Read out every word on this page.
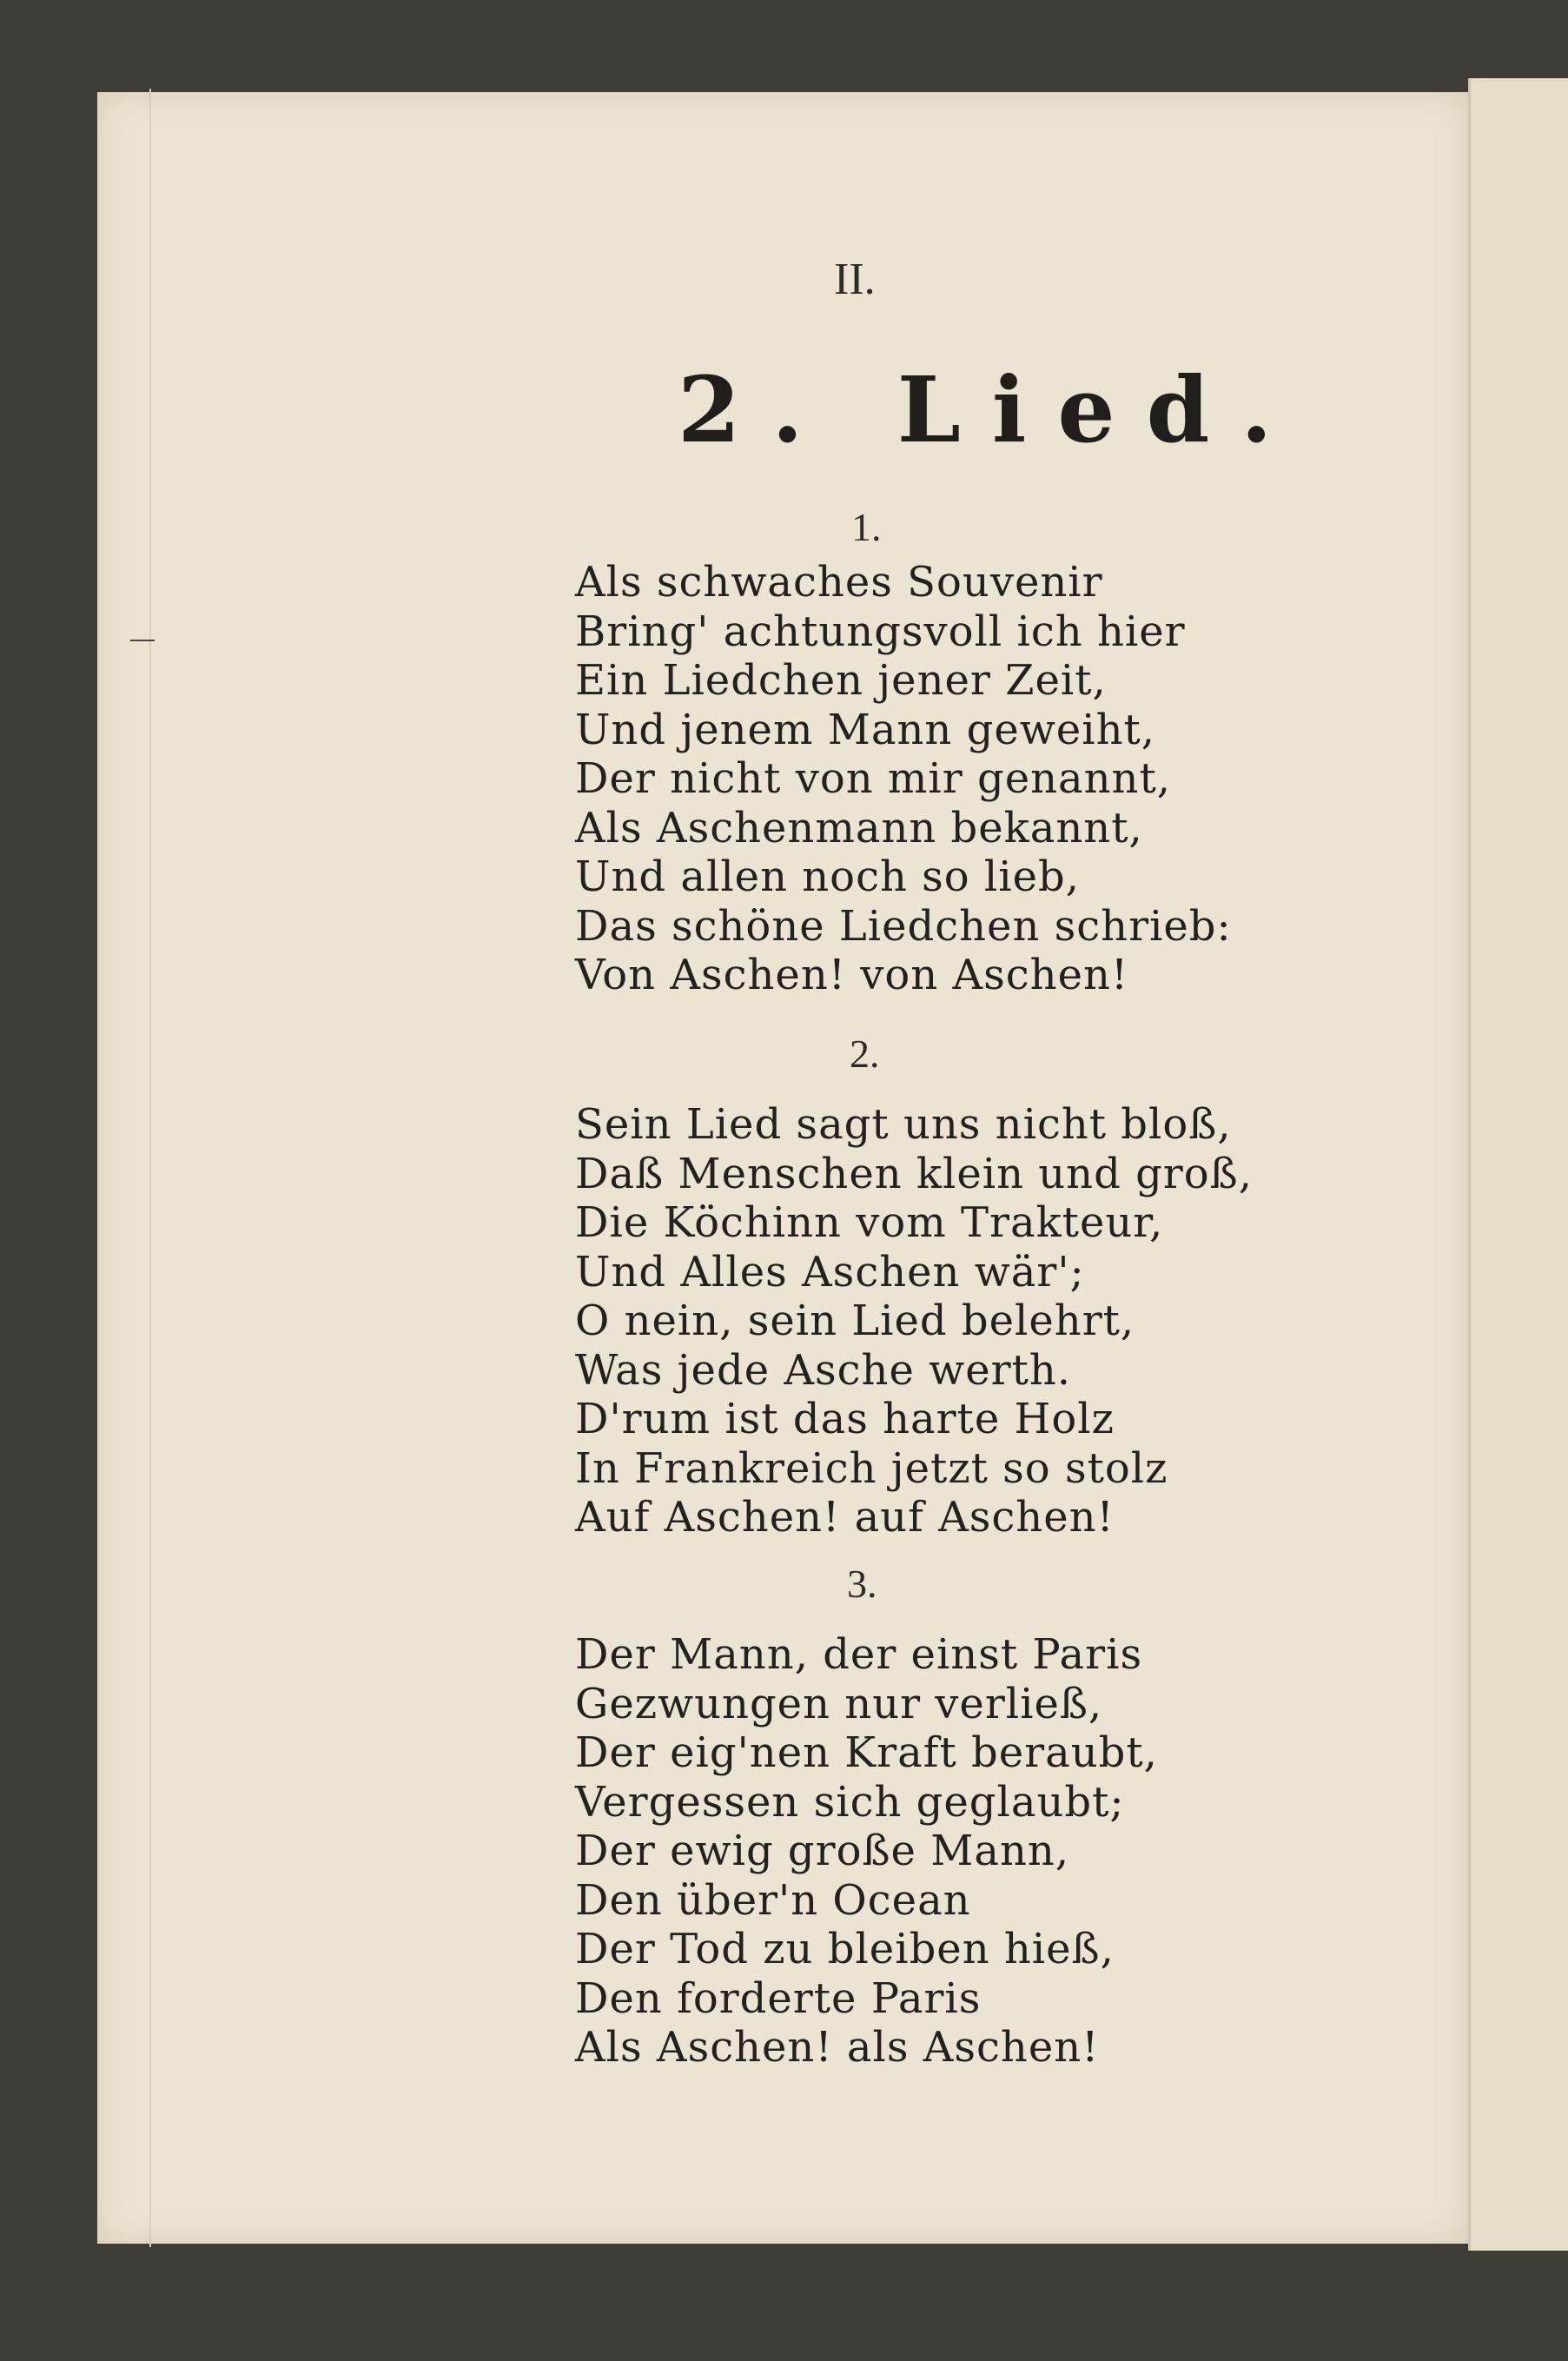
II.
2. Lied.
1.
Als schwaches Souvenir
Bring' achtungsvoll ich hier
Ein Liedchen jener Zeit,
Und jenem Mann geweiht,
Der nicht von mir genannt,
Als Aschenmann bekannt,
Und allen noch so lieb,
Das schöne Liedchen schrieb:
Von Aschen! von Aschen!
2.
Sein Lied sagt uns nicht bloß,
Daß Menschen klein und groß,
Die Köchinn vom Trakteur,
Und Alles Aschen wär';
O nein, sein Lied belehrt,
Was jede Asche werth.
D'rum ist das harte Holz
In Frankreich jetzt so stolz
Auf Aschen! auf Aschen!
3.
Der Mann, der einst Paris
Gezwungen nur verließ,
Der eig'nen Kraft beraubt,
Vergessen sich geglaubt;
Der ewig große Mann,
Den über'n Ocean
Der Tod zu bleiben hieß,
Den forderte Paris
Als Aschen! als Aschen!
